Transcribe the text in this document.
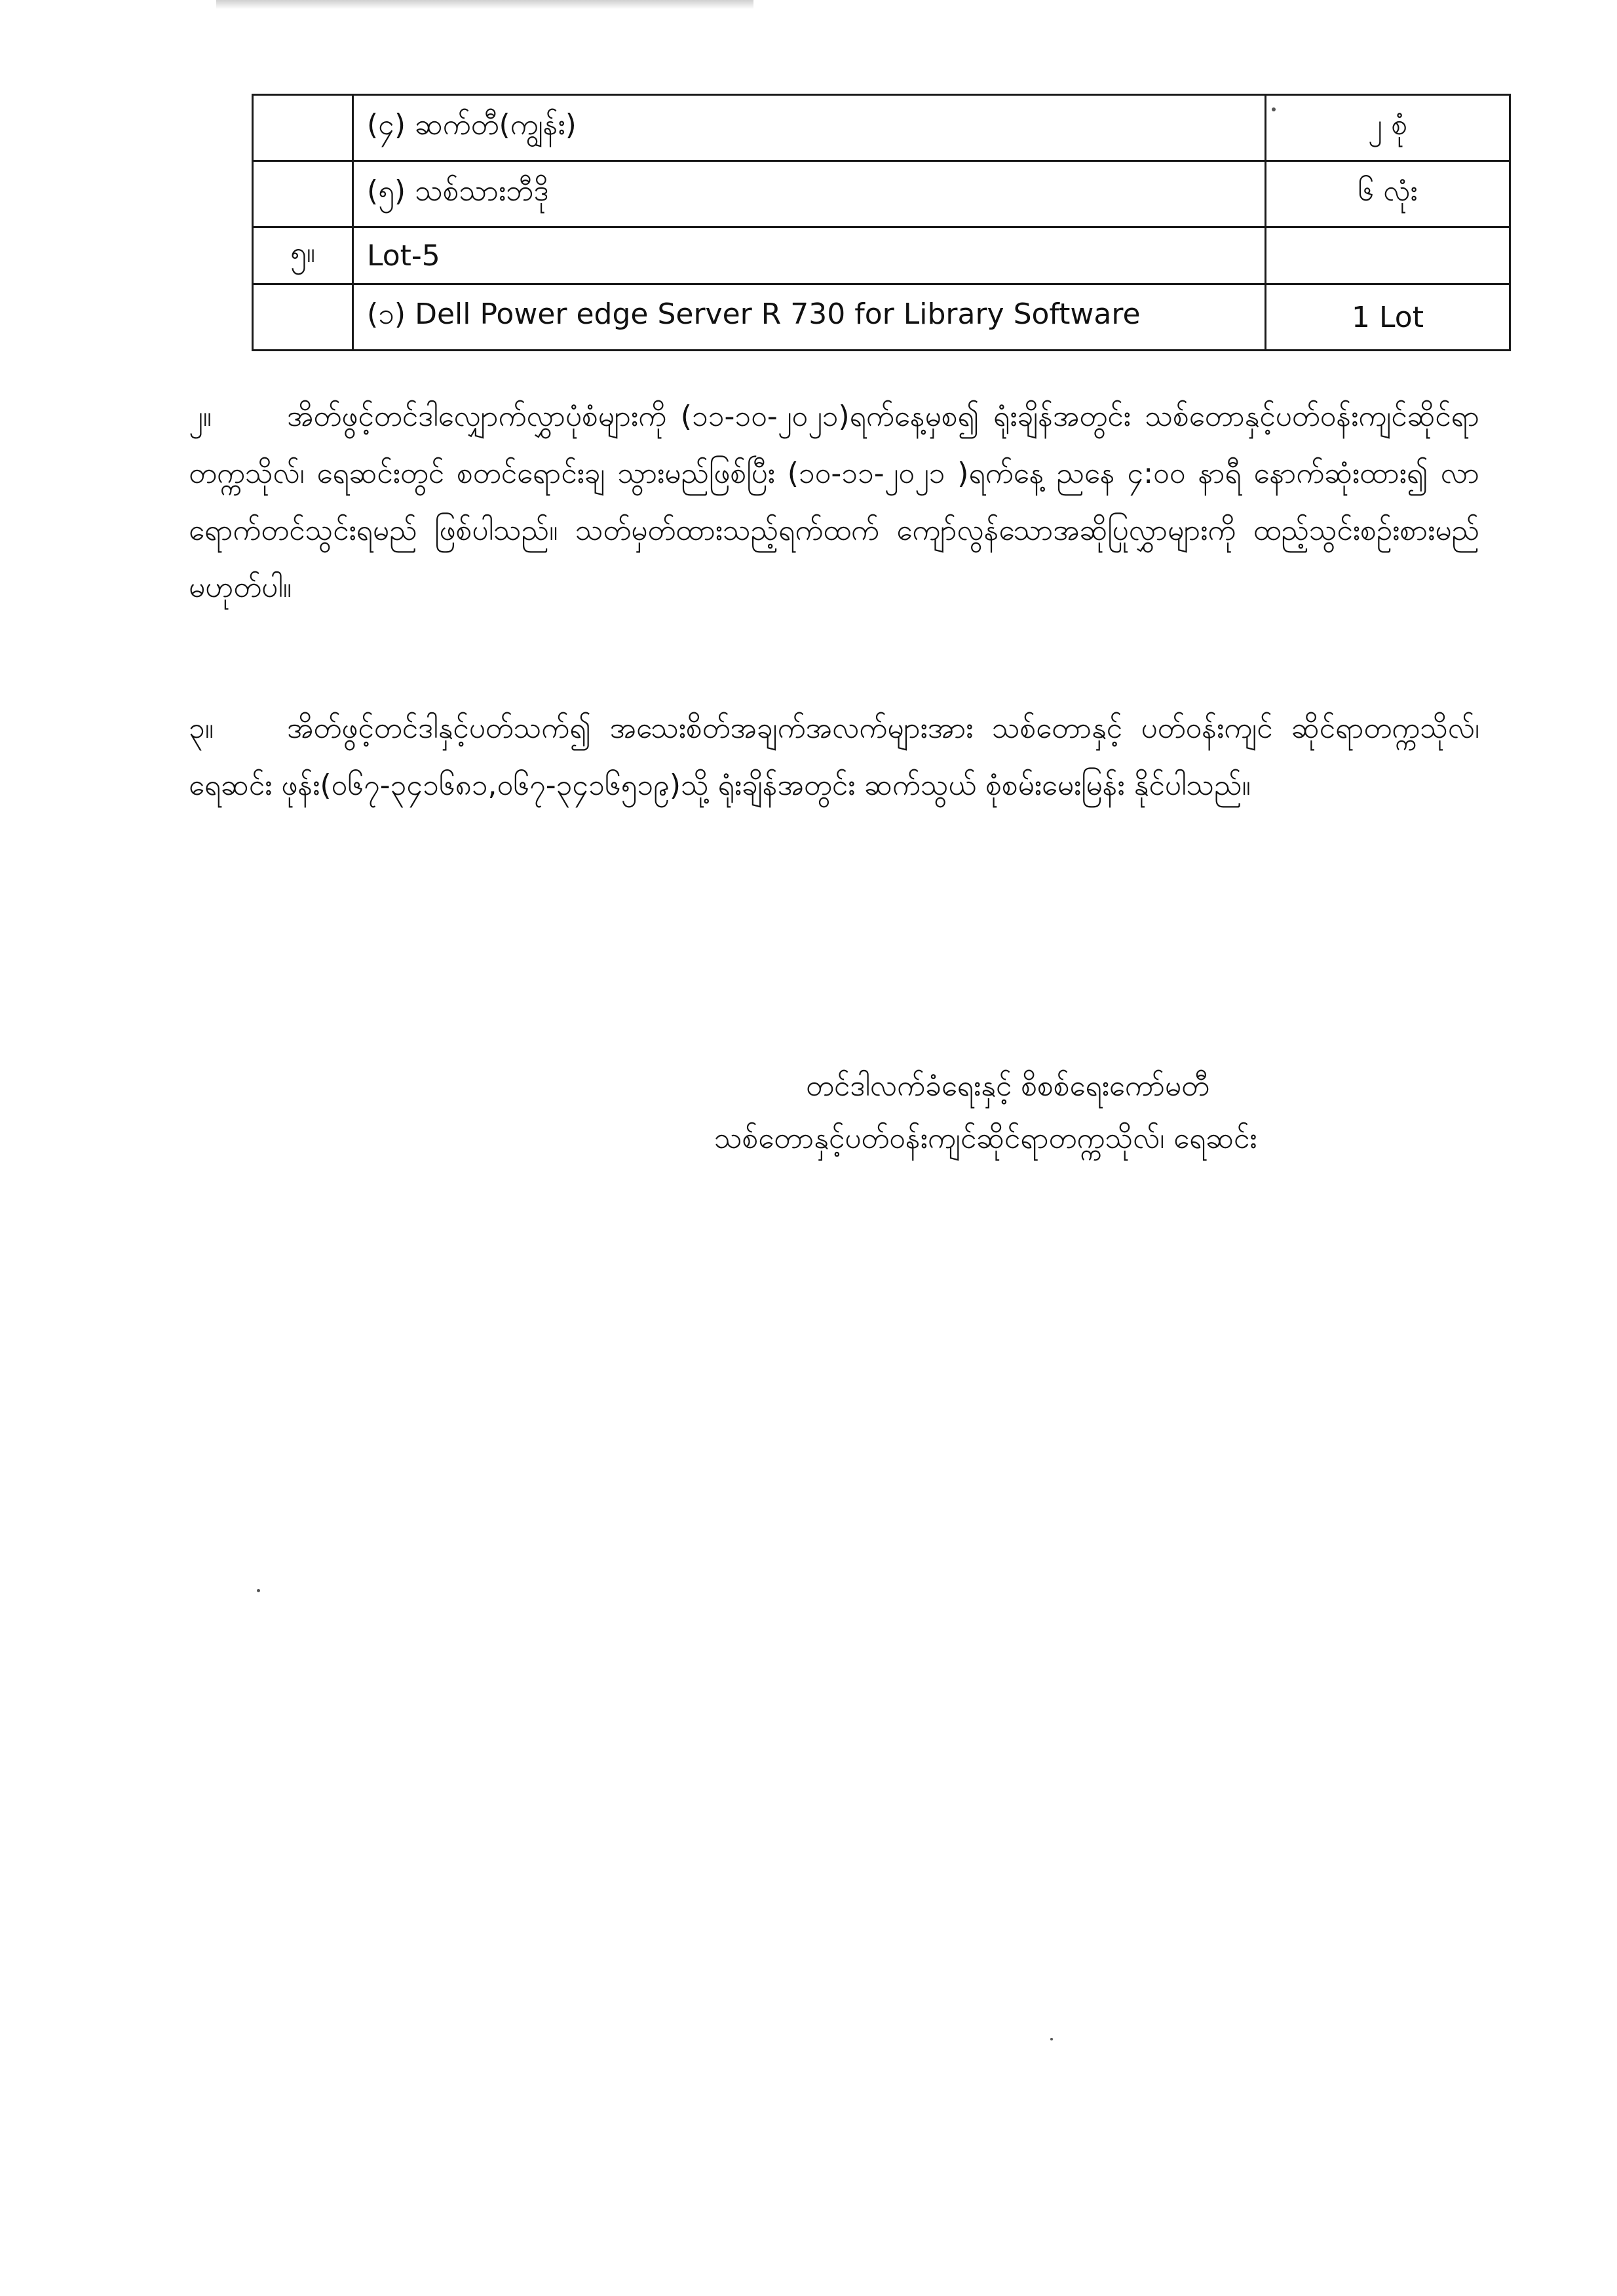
	(၄) ဆက်တီ(ကျွန်း)	၂ စုံ
	(၅) သစ်သားဘီဒို	၆ လုံး
၅။	Lot-5	
	(၁) Dell Power edge Server R 730 for Library Software	1 Lot

၂။	အိတ်ဖွင့်တင်ဒါလျှောက်လွှာပုံစံများကို (၁၁-၁၀-၂၀၂၁)ရက်နေ့မှစ၍ ရုံးချိန်အတွင်း သစ်တောနှင့်ပတ်ဝန်းကျင်ဆိုင်ရာတက္ကသိုလ်၊ ရေဆင်းတွင် စတင်ရောင်းချ သွားမည်ဖြစ်ပြီး (၁၀-၁၁-၂၀၂၁ )ရက်နေ့ ညနေ ၄:၀၀ နာရီ နောက်ဆုံးထား၍ လာရောက်တင်သွင်းရမည် ဖြစ်ပါသည်။ သတ်မှတ်ထားသည့်ရက်ထက် ကျော်လွန်သောအဆိုပြုလွှာများကို ထည့်သွင်းစဉ်းစားမည် မဟုတ်ပါ။

၃။	အိတ်ဖွင့်တင်ဒါနှင့်ပတ်သက်၍ အသေးစိတ်အချက်အလက်များအား သစ်တောနှင့် ပတ်ဝန်းကျင် ဆိုင်ရာတက္ကသိုလ်၊ ရေဆင်း ဖုန်း(၀၆၇-၃၄၁၆၈၁,၀၆၇-၃၄၁၆၅၁၉)သို့ ရုံးချိန်အတွင်း ဆက်သွယ် စုံစမ်းမေးမြန်း နိုင်ပါသည်။

တင်ဒါလက်ခံရေးနှင့် စိစစ်ရေးကော်မတီ
သစ်တောနှင့်ပတ်ဝန်းကျင်ဆိုင်ရာတက္ကသိုလ်၊ ရေဆင်း
